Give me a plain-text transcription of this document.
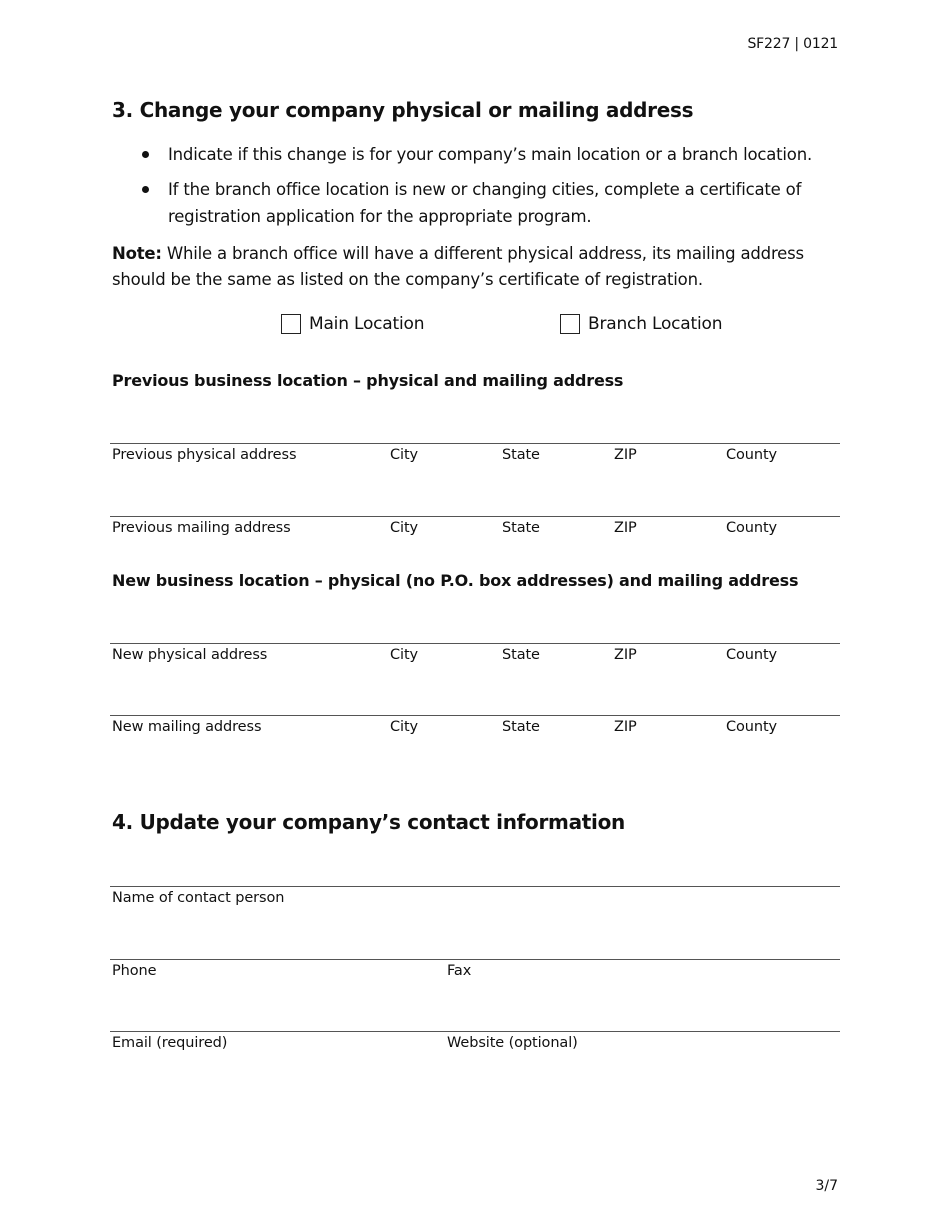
SF227 | 0121
3. Change your company physical or mailing address
Indicate if this change is for your company’s main location or a branch location.
If the branch office location is new or changing cities, complete a certificate of registration application for the appropriate program.

Note: While a branch office will have a different physical address, its mailing address should be the same as listed on the company’s certificate of registration.

Main Location	Branch Location
Previous business location – physical and mailing address
Previous physical address	City	State	ZIP	County
Previous mailing address	City	State	ZIP	County
New business location – physical (no P.O. box addresses) and mailing address
New physical address	City	State	ZIP	County
New mailing address	City	State	ZIP	County
4. Update your company’s contact information
Name of contact person
Phone	Fax
Email (required)	Website (optional)
3/7
